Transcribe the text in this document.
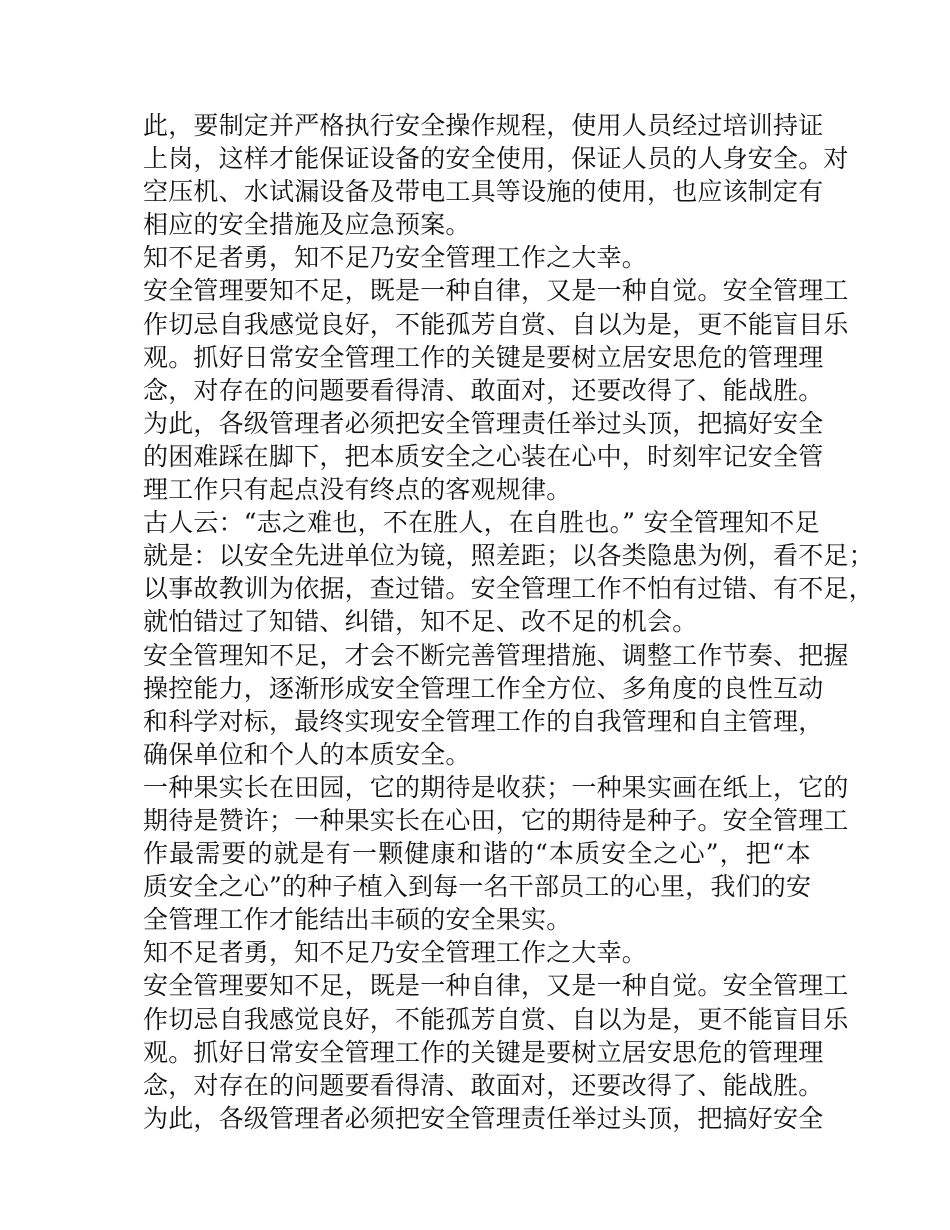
此，要制定并严格执行安全操作规程，使用人员经过培训持证
上岗，这样才能保证设备的安全使用，保证人员的人身安全。对
空压机、水试漏设备及带电工具等设施的使用，也应该制定有
相应的安全措施及应急预案。
知不足者勇，知不足乃安全管理工作之大幸。
安全管理要知不足，既是一种自律，又是一种自觉。安全管理工
作切忌自我感觉良好，不能孤芳自赏、自以为是，更不能盲目乐
观。抓好日常安全管理工作的关键是要树立居安思危的管理理
念，对存在的问题要看得清、敢面对，还要改得了、能战胜。
为此，各级管理者必须把安全管理责任举过头顶，把搞好安全
的困难踩在脚下，把本质安全之心装在心中，时刻牢记安全管
理工作只有起点没有终点的客观规律。
古人云：“志之难也，不在胜人，在自胜也。” 安全管理知不足
就是：以安全先进单位为镜，照差距；以各类隐患为例，看不足；
以事故教训为依据，查过错。安全管理工作不怕有过错、有不足，
就怕错过了知错、纠错，知不足、改不足的机会。
安全管理知不足，才会不断完善管理措施、调整工作节奏、把握
操控能力，逐渐形成安全管理工作全方位、多角度的良性互动
和科学对标，最终实现安全管理工作的自我管理和自主管理，
确保单位和个人的本质安全。
一种果实长在田园，它的期待是收获；一种果实画在纸上，它的
期待是赞许；一种果实长在心田，它的期待是种子。安全管理工
作最需要的就是有一颗健康和谐的“本质安全之心”，把“本
质安全之心”的种子植入到每一名干部员工的心里，我们的安
全管理工作才能结出丰硕的安全果实。
知不足者勇，知不足乃安全管理工作之大幸。
安全管理要知不足，既是一种自律，又是一种自觉。安全管理工
作切忌自我感觉良好，不能孤芳自赏、自以为是，更不能盲目乐
观。抓好日常安全管理工作的关键是要树立居安思危的管理理
念，对存在的问题要看得清、敢面对，还要改得了、能战胜。
为此，各级管理者必须把安全管理责任举过头顶，把搞好安全
